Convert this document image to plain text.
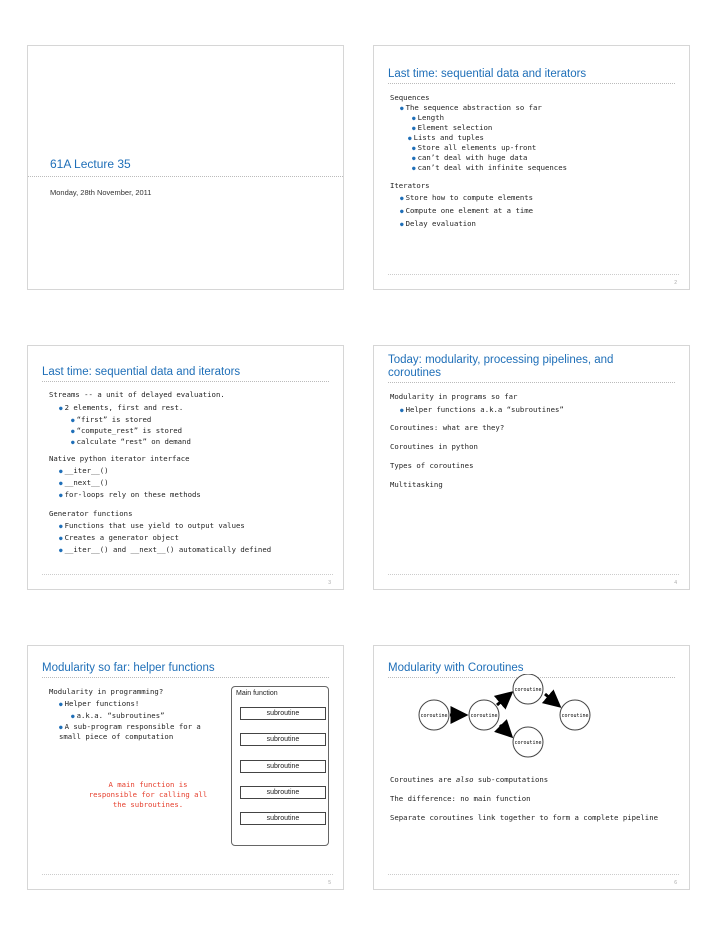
61A Lecture 35
Monday, 28th November, 2011
Last time: sequential data and iterators
Sequences
● The sequence abstraction so far
● Length
● Element selection
● Lists and tuples
● Store all elements up-front
● can’t deal with huge data
● can’t deal with infinite sequences
Iterators
● Store how to compute elements
● Compute one element at a time
● Delay evaluation
2
Last time: sequential data and iterators
Streams -- a unit of delayed evaluation.
● 2 elements, first and rest.
● “first” is stored
● “compute_rest” is stored
● calculate “rest” on demand
Native python iterator interface
● __iter__()
● __next__()
● for-loops rely on these methods
Generator functions
● Functions that use yield to output values
● Creates a generator object
● __iter__() and __next__() automatically defined
3
Today: modularity, processing pipelines, and
coroutines
Modularity in programs so far
● Helper functions a.k.a “subroutines”
Coroutines: what are they?
Coroutines in python
Types of coroutines
Multitasking
4
Modularity so far: helper functions
Modularity in programming?
● Helper functions!
● a.k.a. “subroutines”
● A sub-program responsible for a
small piece of computation
A main function is
responsible for calling all
the subroutines.
Main function
subroutine
subroutine
subroutine
subroutine
subroutine
5
Modularity with Coroutines
coroutine
coroutine	coroutine	coroutine
coroutine
Coroutines are also sub-computations
The difference: no main function
Separate coroutines link together to form a complete pipeline
6
